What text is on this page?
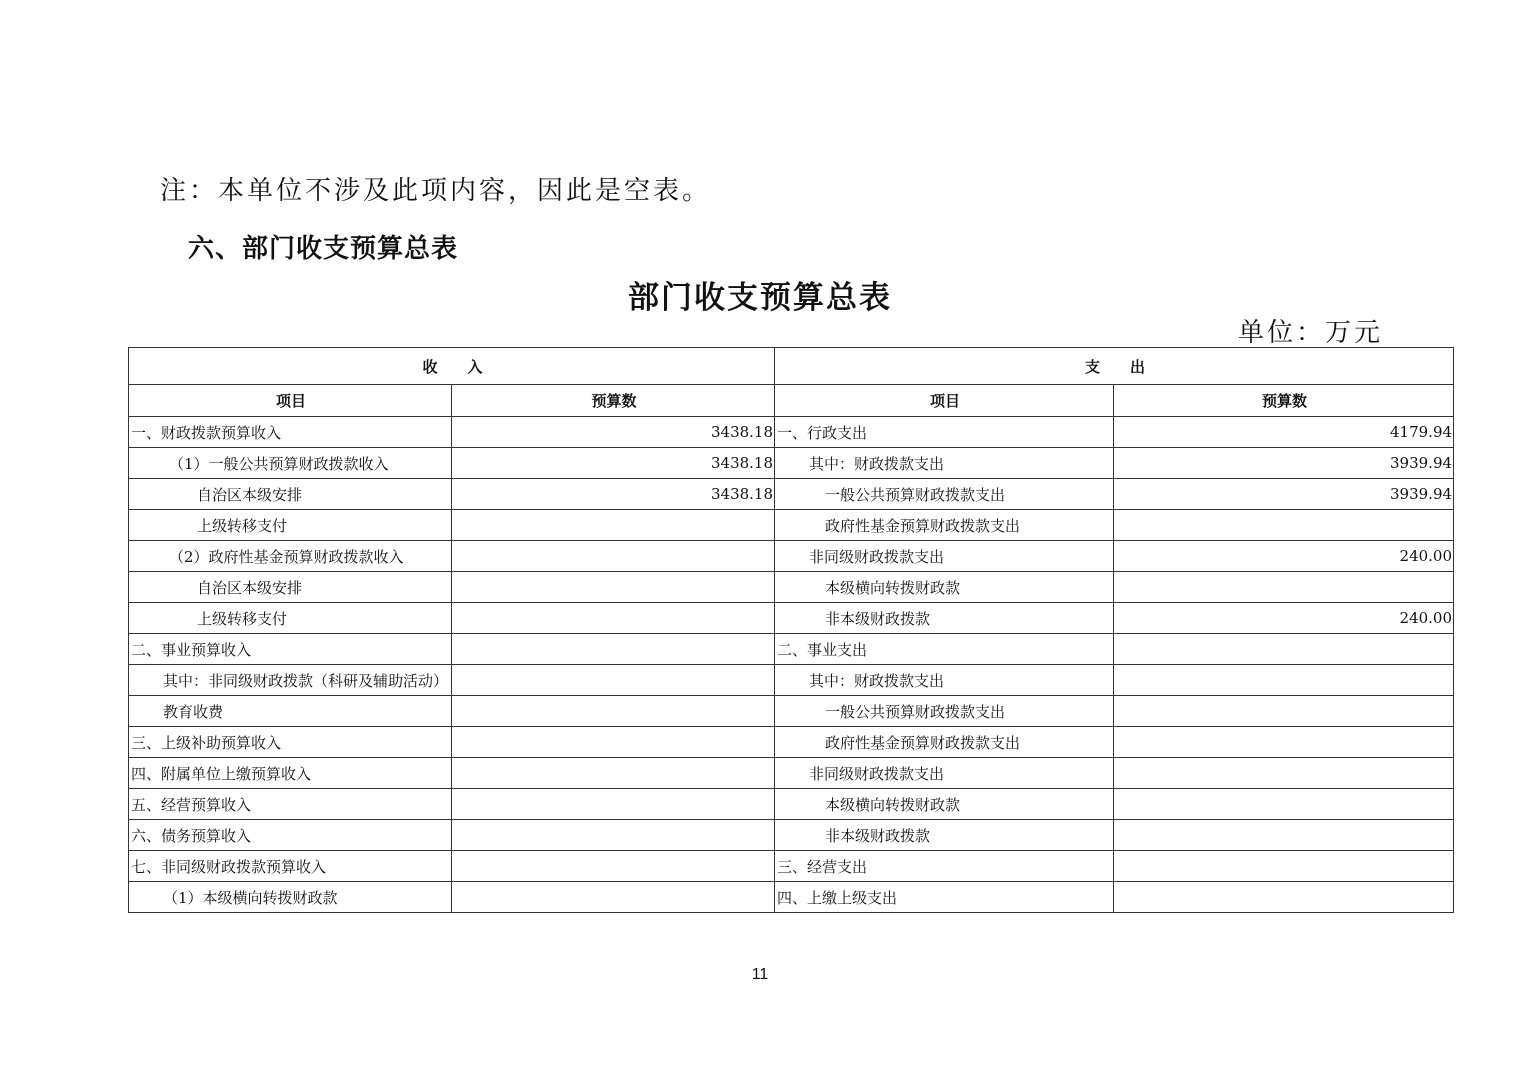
注：本单位不涉及此项内容，因此是空表。
六、部门收支预算总表
部门收支预算总表
单位：万元
收　　入		支　　出	
项目	预算数	项目	预算数
一、财政拨款预算收入	3438.18	一、行政支出	4179.94
（1）一般公共预算财政拨款收入	3438.18	其中：财政拨款支出	3939.94
自治区本级安排	3438.18	一般公共预算财政拨款支出	3939.94
上级转移支付		政府性基金预算财政拨款支出	
（2）政府性基金预算财政拨款收入		非同级财政拨款支出	240.00
自治区本级安排		本级横向转拨财政款	
上级转移支付		非本级财政拨款	240.00
二、事业预算收入		二、事业支出	
其中：非同级财政拨款（科研及辅助活动）		其中：财政拨款支出	
教育收费		一般公共预算财政拨款支出	
三、上级补助预算收入		政府性基金预算财政拨款支出	
四、附属单位上缴预算收入		非同级财政拨款支出	
五、经营预算收入		本级横向转拨财政款	
六、债务预算收入		非本级财政拨款	
七、非同级财政拨款预算收入		三、经营支出	
（1）本级横向转拨财政款		四、上缴上级支出	
11
